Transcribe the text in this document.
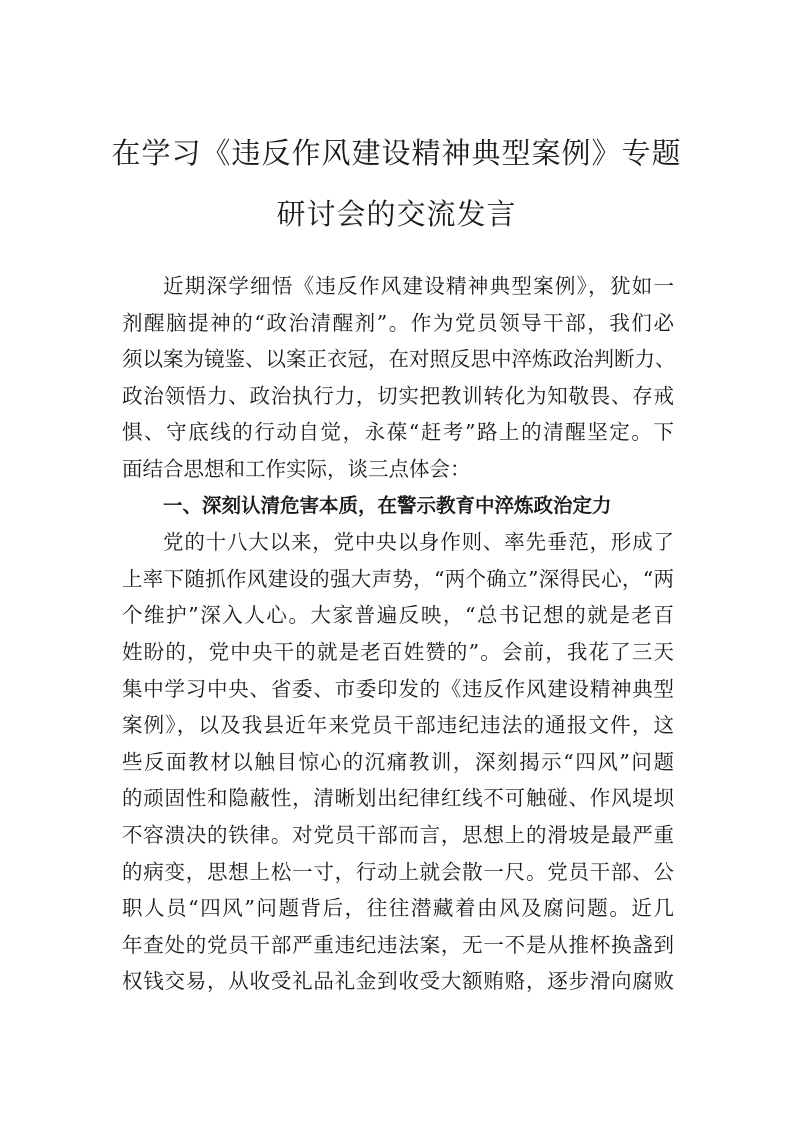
在学习《违反作风建设精神典型案例》专题
研讨会的交流发言
近期深学细悟《违反作风建设精神典型案例》，犹如一
剂醒脑提神的“政治清醒剂”。作为党员领导干部，我们必
须以案为镜鉴、以案正衣冠，在对照反思中淬炼政治判断力、
政治领悟力、政治执行力，切实把教训转化为知敬畏、存戒
惧、守底线的行动自觉，永葆“赶考”路上的清醒坚定。下
面结合思想和工作实际，谈三点体会：
一、深刻认清危害本质，在警示教育中淬炼政治定力
党的十八大以来，党中央以身作则、率先垂范，形成了
上率下随抓作风建设的强大声势，“两个确立”深得民心，“两
个维护”深入人心。大家普遍反映，“总书记想的就是老百
姓盼的，党中央干的就是老百姓赞的”。会前，我花了三天
集中学习中央、省委、市委印发的《违反作风建设精神典型
案例》，以及我县近年来党员干部违纪违法的通报文件，这
些反面教材以触目惊心的沉痛教训，深刻揭示“四风”问题
的顽固性和隐蔽性，清晰划出纪律红线不可触碰、作风堤坝
不容溃决的铁律。对党员干部而言，思想上的滑坡是最严重
的病变，思想上松一寸，行动上就会散一尺。党员干部、公
职人员“四风”问题背后，往往潜藏着由风及腐问题。近几
年查处的党员干部严重违纪违法案，无一不是从推杯换盏到
权钱交易，从收受礼品礼金到收受大额贿赂，逐步滑向腐败
